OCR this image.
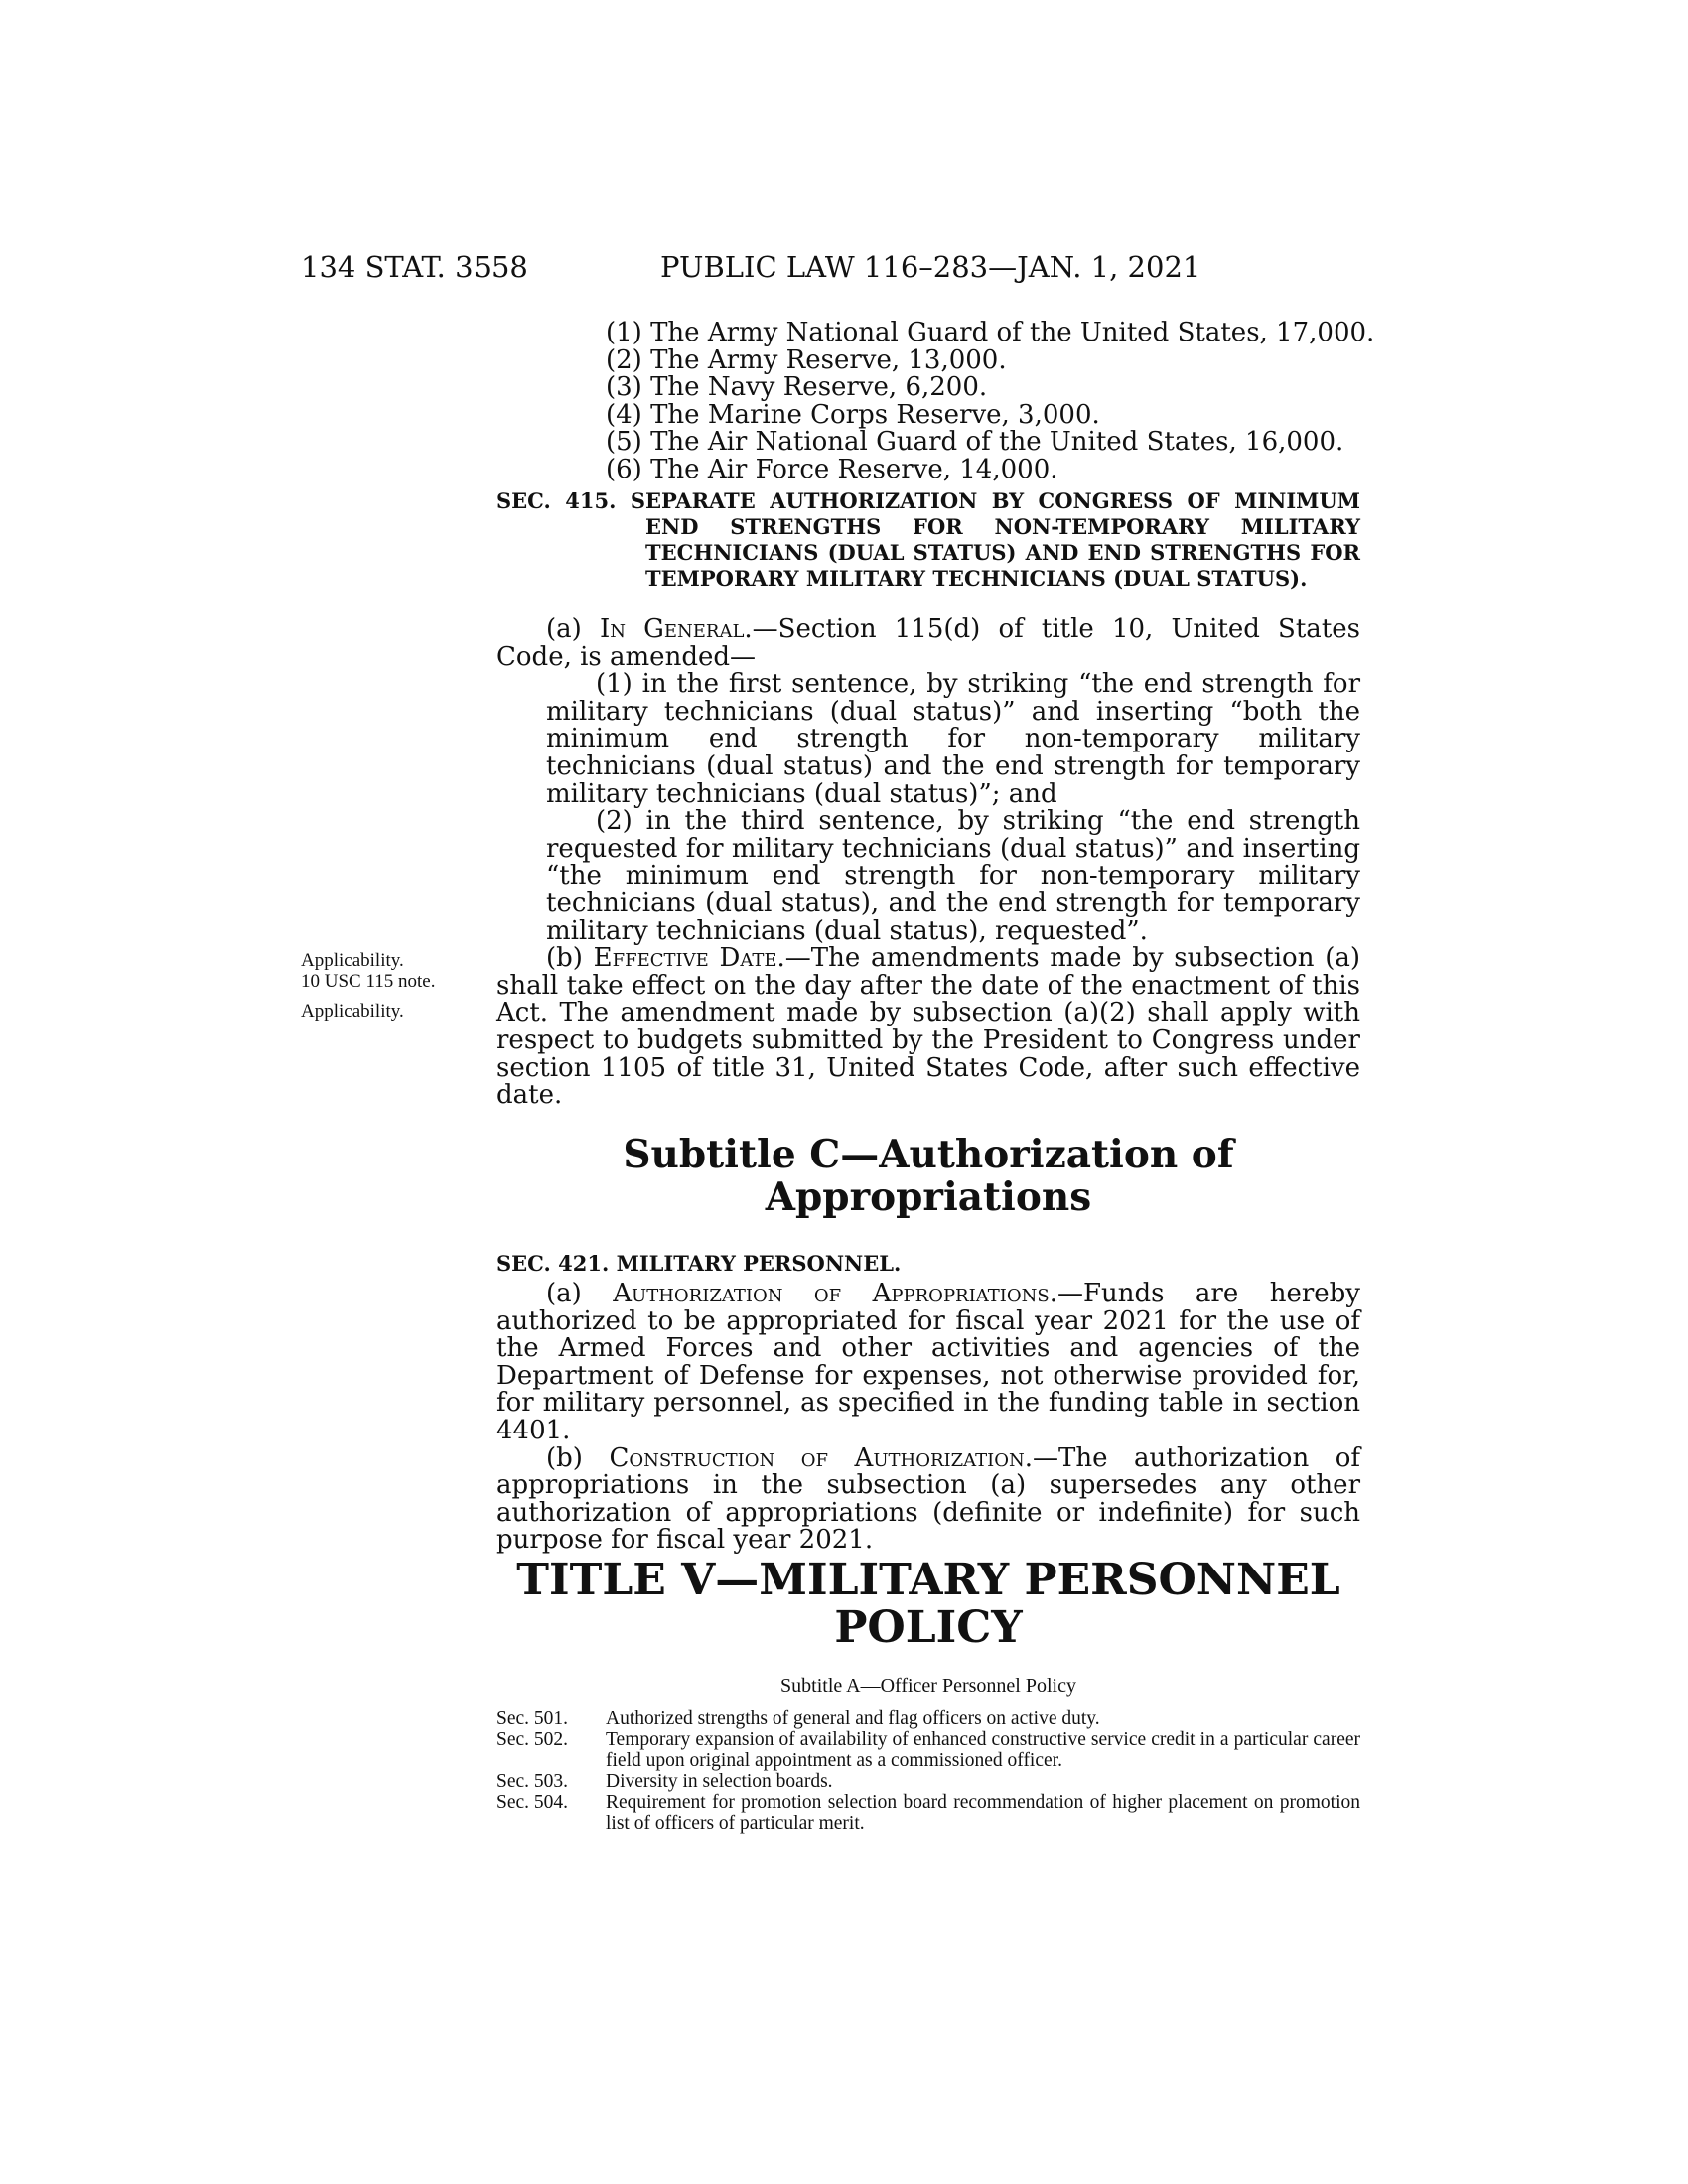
134 STAT. 3558	PUBLIC LAW 116–283—JAN. 1, 2021

(1) The Army National Guard of the United States, 17,000.

(2) The Army Reserve, 13,000.

(3) The Navy Reserve, 6,200.

(4) The Marine Corps Reserve, 3,000.

(5) The Air National Guard of the United States, 16,000.

(6) The Air Force Reserve, 14,000.

SEC. 415. SEPARATE AUTHORIZATION BY CONGRESS OF MINIMUM END STRENGTHS FOR NON-TEMPORARY MILITARY TECHNICIANS (DUAL STATUS) AND END STRENGTHS FOR TEMPORARY MILITARY TECHNICIANS (DUAL STATUS).

(a) In General.—Section 115(d) of title 10, United States Code, is amended—

(1) in the first sentence, by striking “the end strength for military technicians (dual status)” and inserting “both the minimum end strength for non-temporary military technicians (dual status) and the end strength for temporary military technicians (dual status)”; and

(2) in the third sentence, by striking “the end strength requested for military technicians (dual status)” and inserting “the minimum end strength for non-temporary military technicians (dual status), and the end strength for temporary military technicians (dual status), requested”.

(b) Effective Date.—The amendments made by subsection (a) shall take effect on the day after the date of the enactment of this Act. The amendment made by subsection (a)(2) shall apply with respect to budgets submitted by the President to Congress under section 1105 of title 31, United States Code, after such effective date.

Applicability.
10 USC 115 note.
Applicability.
Subtitle C—Authorization of
Appropriations

SEC. 421. MILITARY PERSONNEL.

(a) Authorization of Appropriations.—Funds are hereby authorized to be appropriated for fiscal year 2021 for the use of the Armed Forces and other activities and agencies of the Department of Defense for expenses, not otherwise provided for, for military personnel, as specified in the funding table in section 4401.

(b) Construction of Authorization.—The authorization of appropriations in the subsection (a) supersedes any other authorization of appropriations (definite or indefinite) for such purpose for fiscal year 2021.

TITLE V—MILITARY PERSONNEL
POLICY
Subtitle A—Officer Personnel Policy
Sec. 501.	Authorized strengths of general and flag officers on active duty.
Sec. 502.	Temporary expansion of availability of enhanced constructive service credit in a particular career field upon original appointment as a commissioned officer.
Sec. 503.	Diversity in selection boards.
Sec. 504.	Requirement for promotion selection board recommendation of higher placement on promotion list of officers of particular merit.
